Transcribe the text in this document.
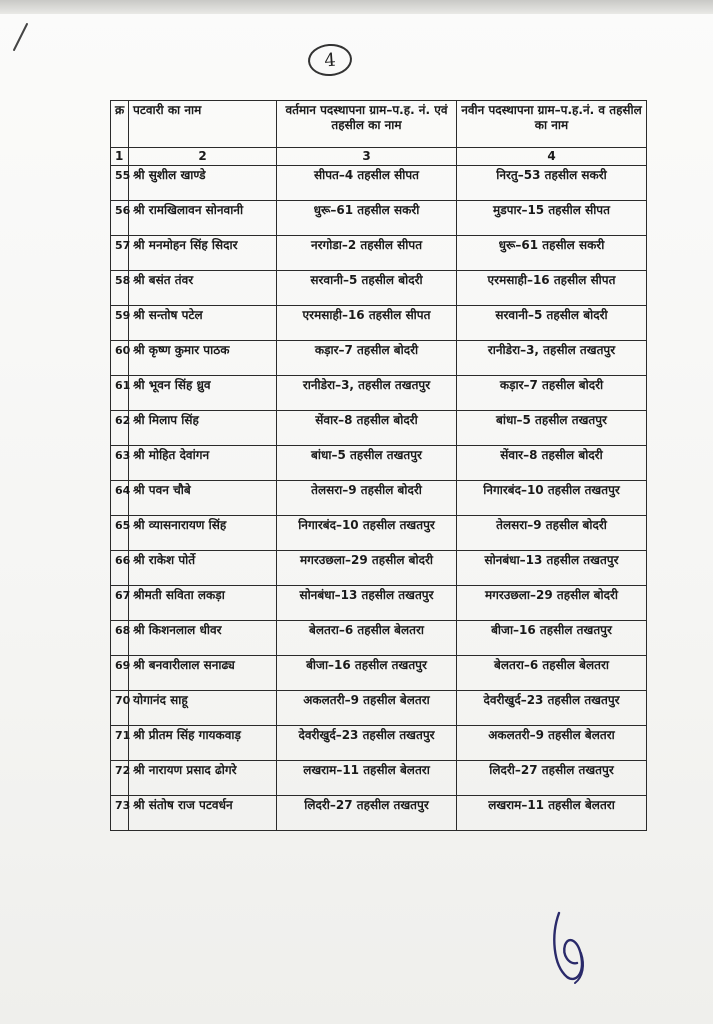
4
क्र	पटवारी का नाम	वर्तमान पदस्थापना ग्राम–प.ह. नं. एवं तहसील का नाम	नवीन पदस्थापना ग्राम–प.ह.नं. व तहसील का नाम
1	2	3	4
55	श्री सुशील खाण्डे	सीपत–4 तहसील सीपत	निरतु–53 तहसील सकरी
56	श्री रामखिलावन सोनवानी	धुरू–61 तहसील सकरी	मुडपार–15 तहसील सीपत
57	श्री मनमोहन सिंह सिदार	नरगोडा–2 तहसील सीपत	धुरू–61 तहसील सकरी
58	श्री बसंत तंवर	सरवानी–5 तहसील बोदरी	एरमसाही–16 तहसील सीपत
59	श्री सन्तोष पटेल	एरमसाही–16 तहसील सीपत	सरवानी–5 तहसील बोदरी
60	श्री कृष्ण कुमार पाठक	कड़ार–7 तहसील बोदरी	रानीडेरा–3, तहसील तखतपुर
61	श्री भूवन सिंह ध्रुव	रानीडेरा–3, तहसील तखतपुर	कड़ार–7 तहसील बोदरी
62	श्री मिलाप सिंह	सेंवार–8 तहसील बोदरी	बांधा–5 तहसील तखतपुर
63	श्री मोहित देवांगन	बांधा–5 तहसील तखतपुर	सेंवार–8 तहसील बोदरी
64	श्री पवन चौबे	तेलसरा–9 तहसील बोदरी	निगारबंद–10 तहसील तखतपुर
65	श्री व्यासनारायण सिंह	निगारबंद–10 तहसील तखतपुर	तेलसरा–9 तहसील बोदरी
66	श्री राकेश पोर्ते	मगरउछला–29 तहसील बोदरी	सोनबंधा–13 तहसील तखतपुर
67	श्रीमती सविता लकड़ा	सोनबंधा–13 तहसील तखतपुर	मगरउछला–29 तहसील बोदरी
68	श्री किशनलाल धीवर	बेलतरा–6 तहसील बेलतरा	बीजा–16 तहसील तखतपुर
69	श्री बनवारीलाल सनाढ्य	बीजा–16 तहसील तखतपुर	बेलतरा–6 तहसील बेलतरा
70	योगानंद साहू	अकलतरी–9 तहसील बेलतरा	देवरीखुर्द–23 तहसील तखतपुर
71	श्री प्रीतम सिंह गायकवाड़	देवरीखुर्द–23 तहसील तखतपुर	अकलतरी–9 तहसील बेलतरा
72	श्री नारायण प्रसाद ढोगरे	लखराम–11 तहसील बेलतरा	लिदरी–27 तहसील तखतपुर
73	श्री संतोष राज पटवर्धन	लिदरी–27 तहसील तखतपुर	लखराम–11 तहसील बेलतरा
